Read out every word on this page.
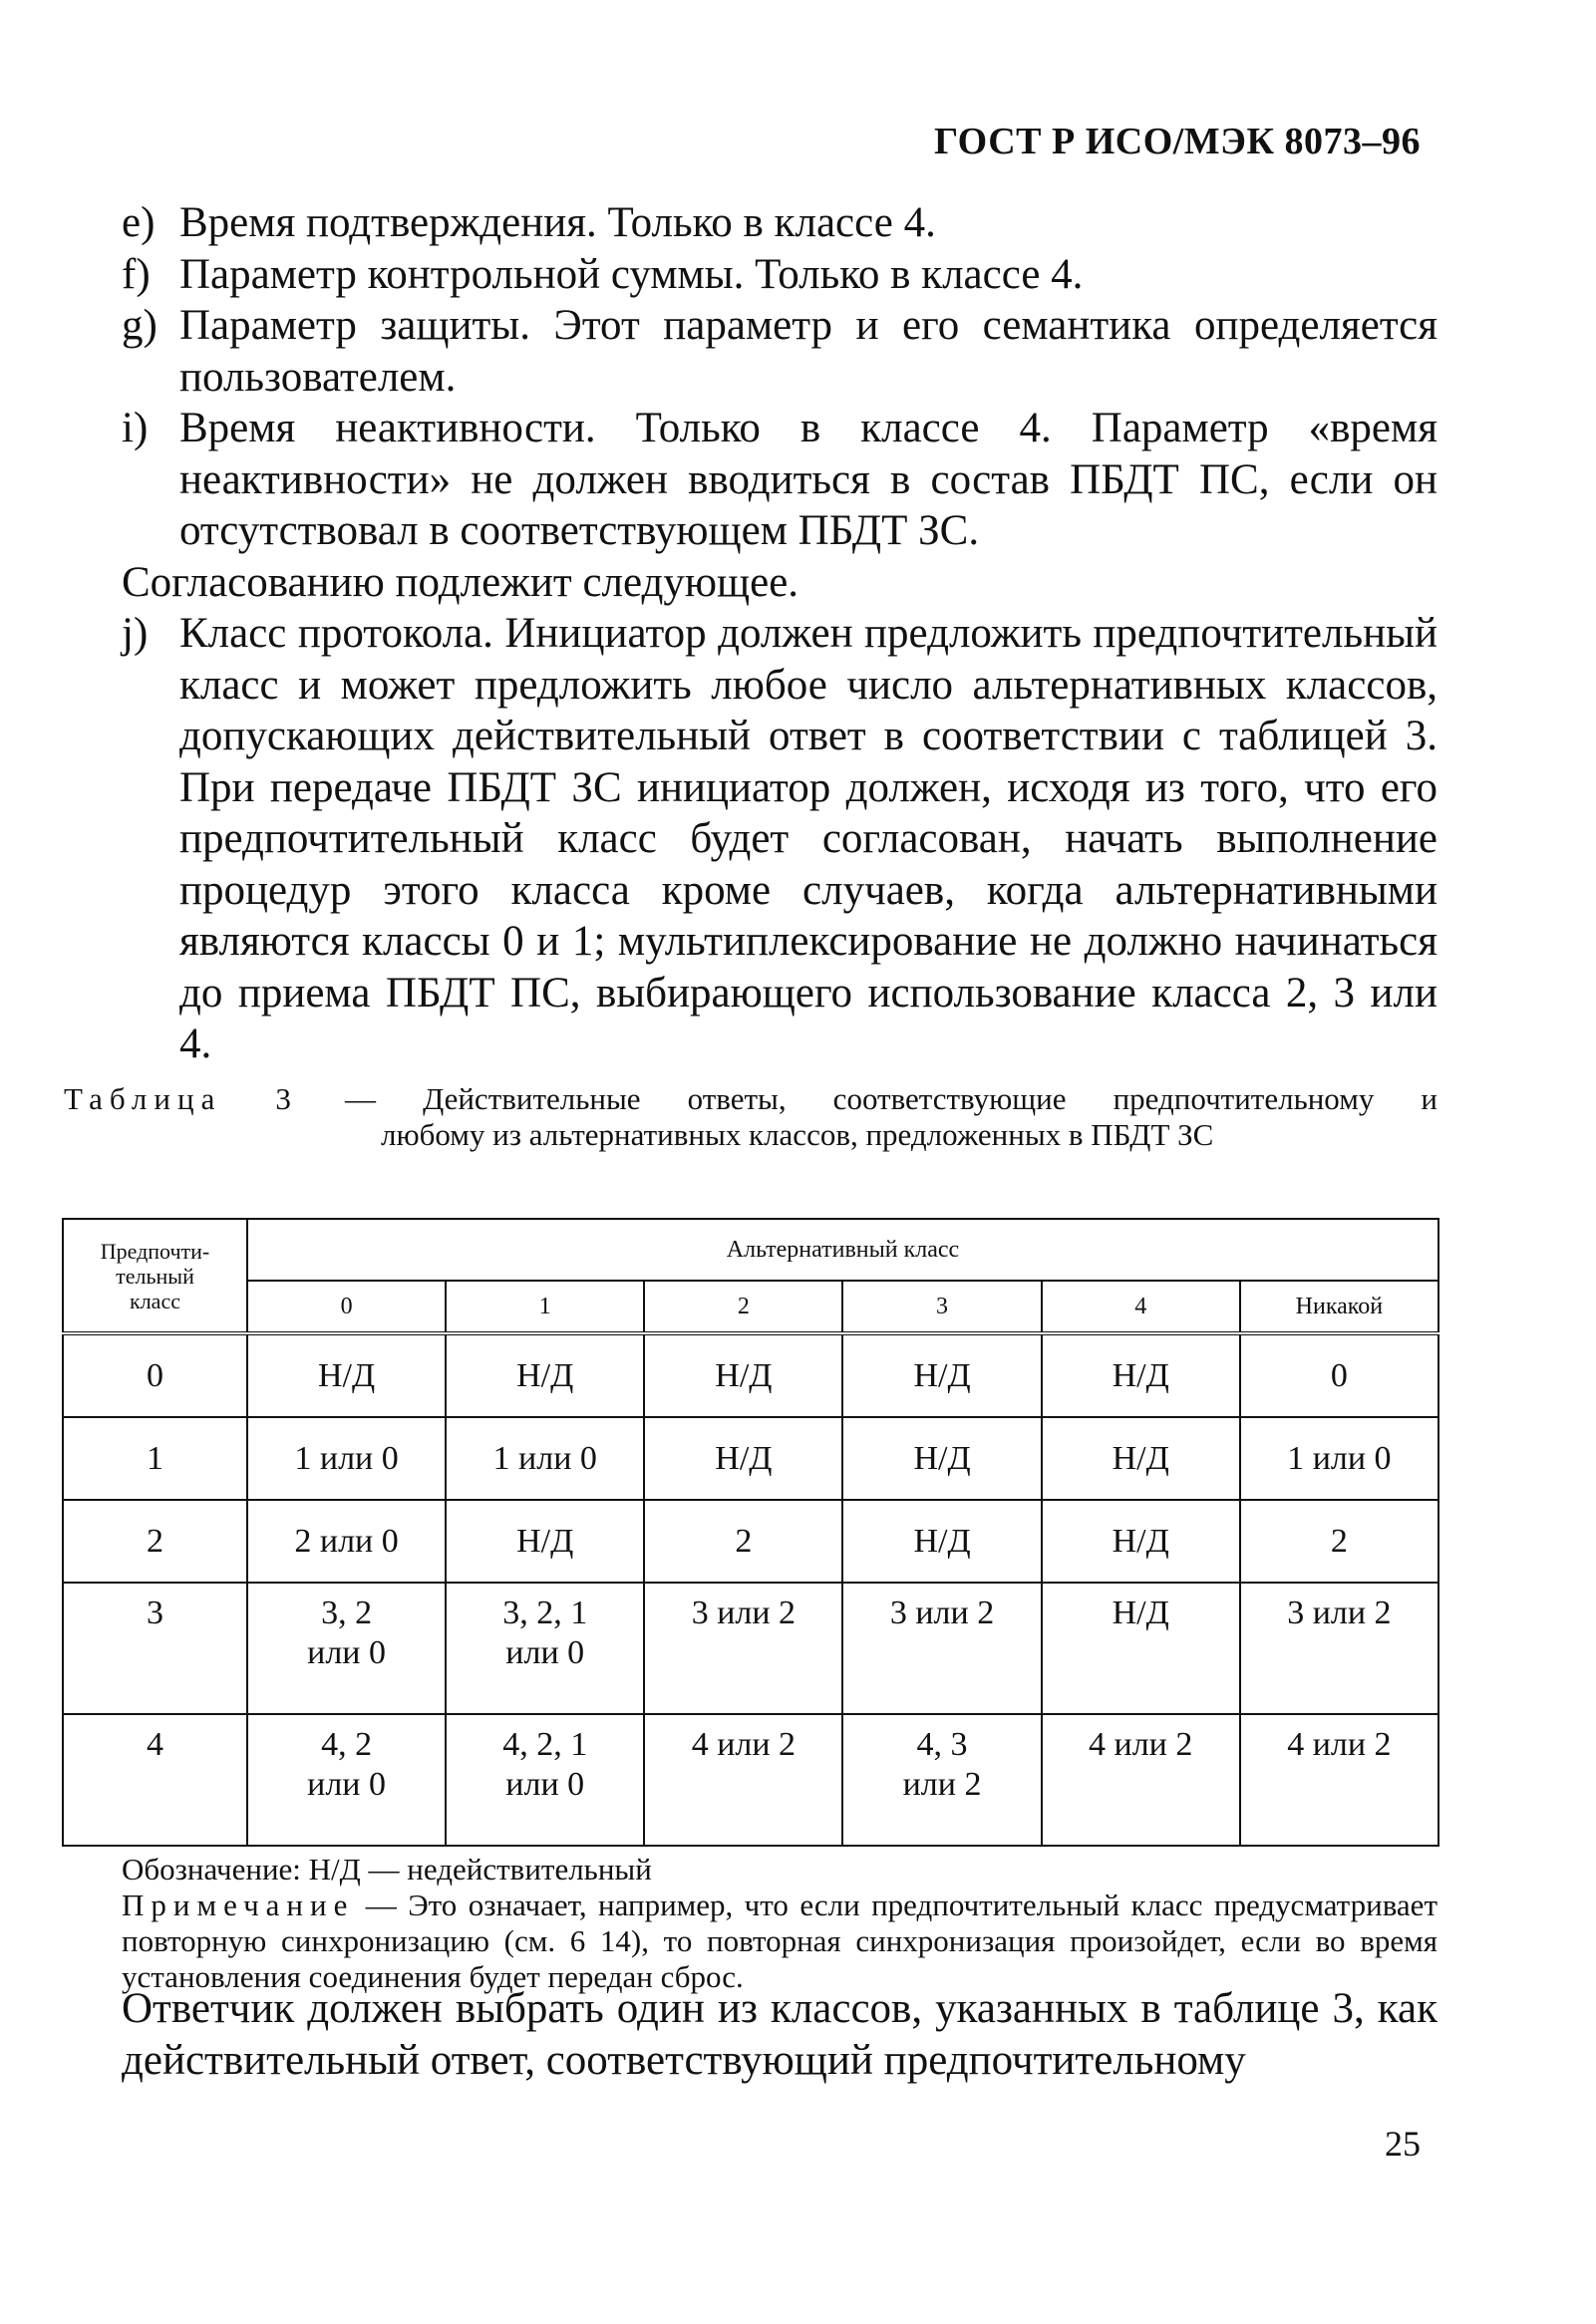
ГОСТ Р ИСО/МЭК 8073–96
e) Время подтверждения. Только в классе 4.
f) Параметр контрольной суммы. Только в классе 4.
g) Параметр защиты. Этот параметр и его семантика определяется пользователем.
i) Время неактивности. Только в классе 4. Параметр «время неактивности» не должен вводиться в состав ПБДТ ПС, если он отсутствовал в соответствующем ПБДТ ЗС.
Согласованию подлежит следующее.
j) Класс протокола. Инициатор должен предложить предпочтительный класс и может предложить любое число альтернативных классов, допускающих действительный ответ в соответствии с таблицей 3. При передаче ПБДТ ЗС инициатор должен, исходя из того, что его предпочтительный класс будет согласован, начать выполнение процедур этого класса кроме случаев, когда альтернативными являются классы 0 и 1; мультиплексирование не должно начинаться до приема ПБДТ ПС, выбирающего использование класса 2, 3 или 4.
Таблица 3 — Действительные ответы, соответствующие предпочтительному и
любому из альтернативных классов, предложенных в ПБДТ ЗС
Предпочти-
тельный
класс	Альтернативный класс					
	0	1	2	3	4	Никакой
0	Н/Д	Н/Д	Н/Д	Н/Д	Н/Д	0
1	1 или 0	1 или 0	Н/Д	Н/Д	Н/Д	1 или 0
2	2 или 0	Н/Д	2	Н/Д	Н/Д	2
3	3, 2
или 0	3, 2, 1
или 0	3 или 2	3 или 2	Н/Д	3 или 2
4	4, 2
или 0	4, 2, 1
или 0	4 или 2	4, 3
или 2	4 или 2	4 или 2

Обозначение: Н/Д — недействительный

Примечание — Это означает, например, что если предпочтительный класс предусматривает повторную синхронизацию (см. 6 14), то повторная синхронизация произойдет, если во время установления соединения будет передан сброс.

Ответчик должен выбрать один из классов, указанных в таблице 3, как действительный ответ, соответствующий предпочтительному
25
